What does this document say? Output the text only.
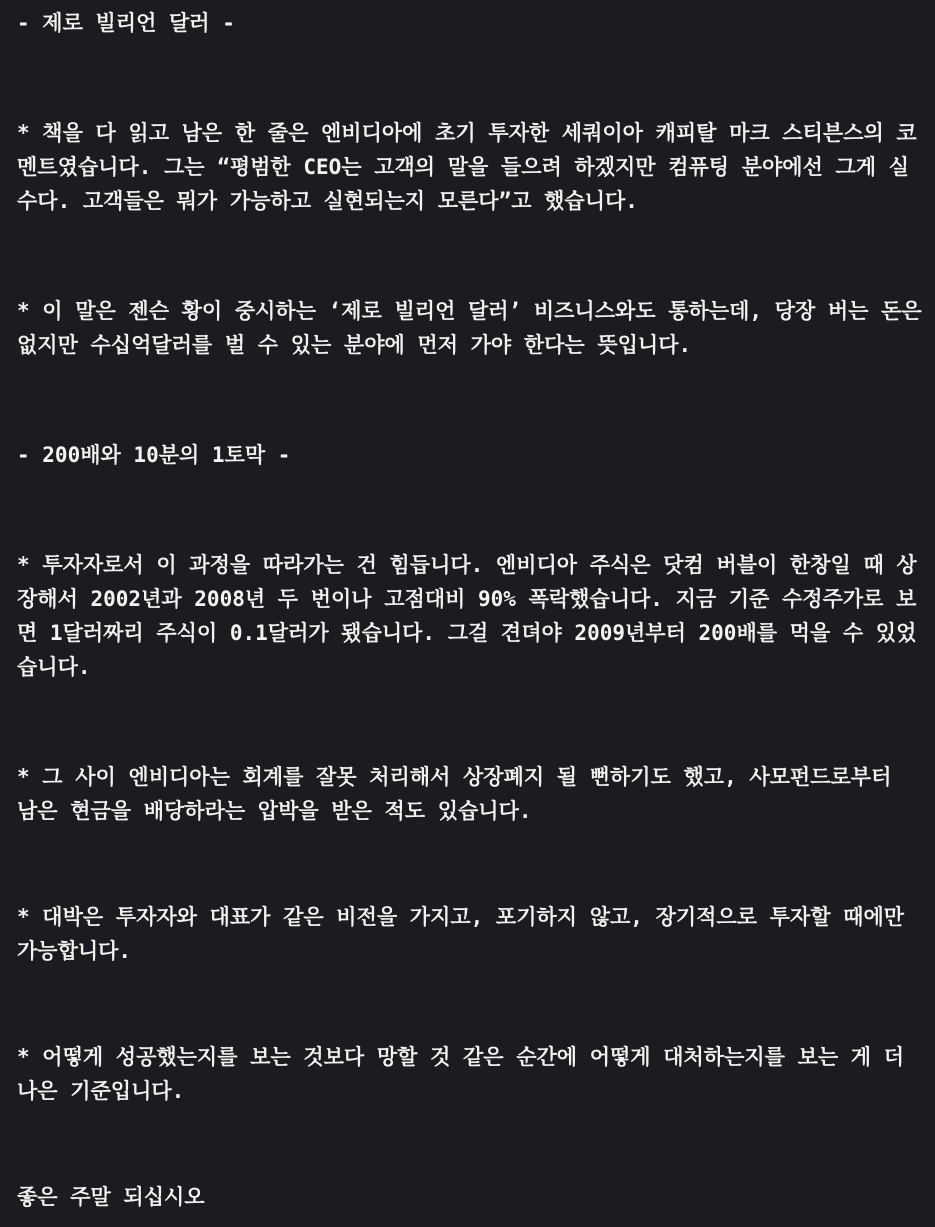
- 제로 빌리언 달러 -

* 책을 다 읽고 남은 한 줄은 엔비디아에 초기 투자한 세쿼이아 캐피탈 마크 스티븐스의 코멘트였습니다. 그는 “평범한 CEO는 고객의 말을 들으려 하겠지만 컴퓨팅 분야에선 그게 실수다. 고객들은 뭐가 가능하고 실현되는지 모른다”고 했습니다.

* 이 말은 젠슨 황이 중시하는 ‘제로 빌리언 달러’ 비즈니스와도 통하는데, 당장 버는 돈은 없지만 수십억달러를 벌 수 있는 분야에 먼저 가야 한다는 뜻입니다.

- 200배와 10분의 1토막 -

* 투자자로서 이 과정을 따라가는 건 힘듭니다. 엔비디아 주식은 닷컴 버블이 한창일 때 상장해서 2002년과 2008년 두 번이나 고점대비 90% 폭락했습니다. 지금 기준 수정주가로 보면 1달러짜리 주식이 0.1달러가 됐습니다. 그걸 견뎌야 2009년부터 200배를 먹을 수 있었습니다.

* 그 사이 엔비디아는 회계를 잘못 처리해서 상장폐지 될 뻔하기도 했고, 사모펀드로부터 남은 현금을 배당하라는 압박을 받은 적도 있습니다.

* 대박은 투자자와 대표가 같은 비전을 가지고, 포기하지 않고, 장기적으로 투자할 때에만 가능합니다.

* 어떻게 성공했는지를 보는 것보다 망할 것 같은 순간에 어떻게 대처하는지를 보는 게 더 나은 기준입니다.

좋은 주말 되십시오
